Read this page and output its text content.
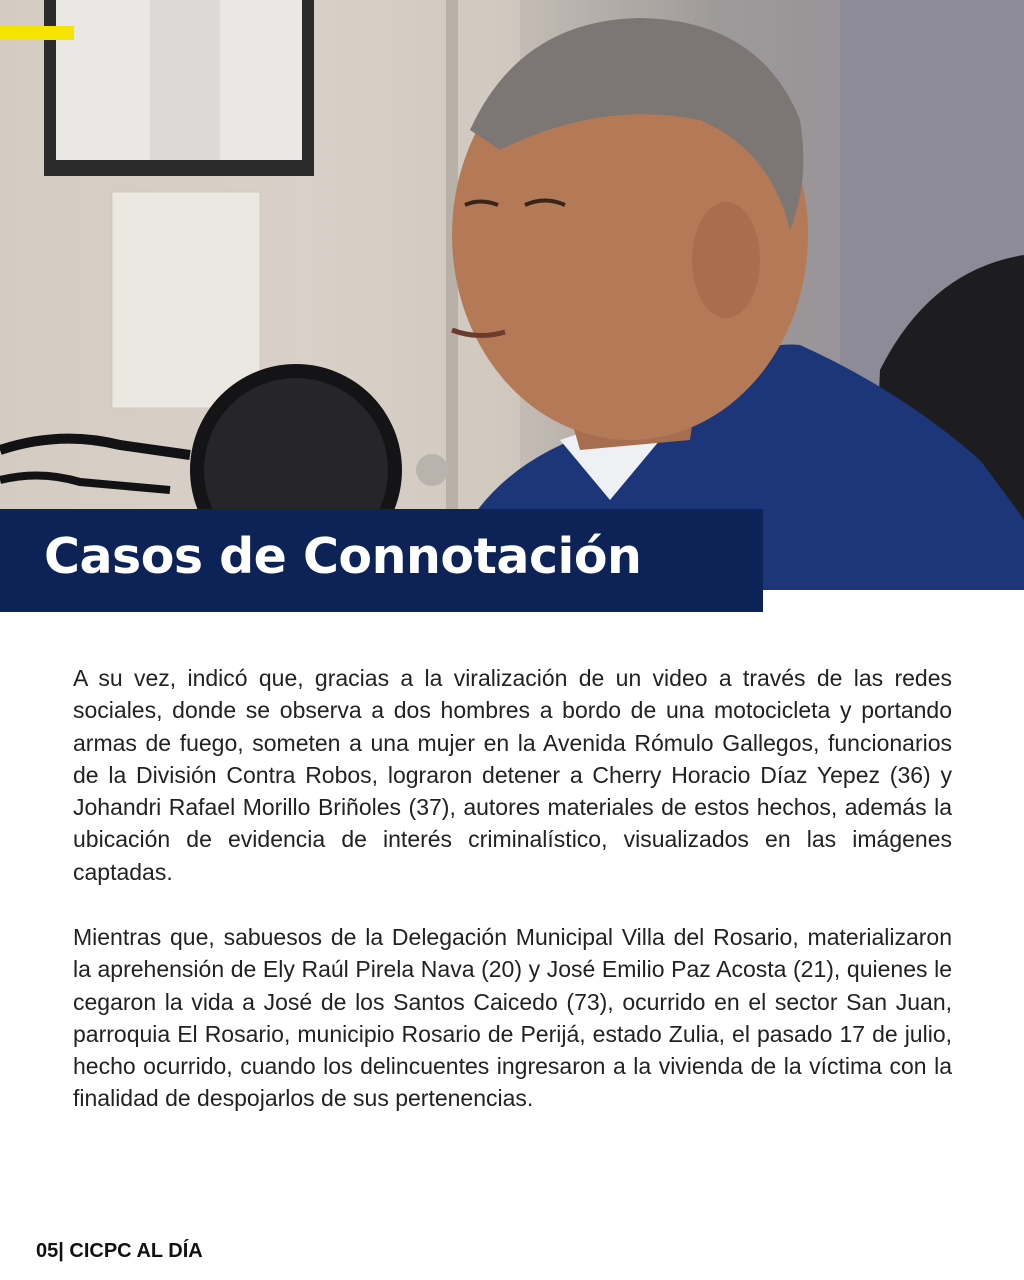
Casos de Connotación

A su vez, indicó que, gracias a la viralización de un video a través de las redes sociales, donde se observa a dos hombres a bordo de una motocicleta y portando armas de fuego, someten a una mujer en la Avenida Rómulo Gallegos, funcionarios de la División Contra Robos, lograron detener a Cherry Horacio Díaz Yepez (36) y Johandri Rafael Morillo Briñoles (37), autores materiales de estos hechos, además la ubicación de evidencia de interés criminalístico, visualizados en las imágenes captadas.

Mientras que, sabuesos de la Delegación Municipal Villa del Rosario, materializaron la aprehensión de Ely Raúl Pirela Nava (20) y José Emilio Paz Acosta (21), quienes le cegaron la vida a José de los Santos Caicedo (73), ocurrido en el sector San Juan, parroquia El Rosario, municipio Rosario de Perijá, estado Zulia, el pasado 17 de julio, hecho ocurrido, cuando los delincuentes ingresaron a la vivienda de la víctima con la finalidad de despojarlos de sus pertenencias.

05| CICPC AL DÍA
